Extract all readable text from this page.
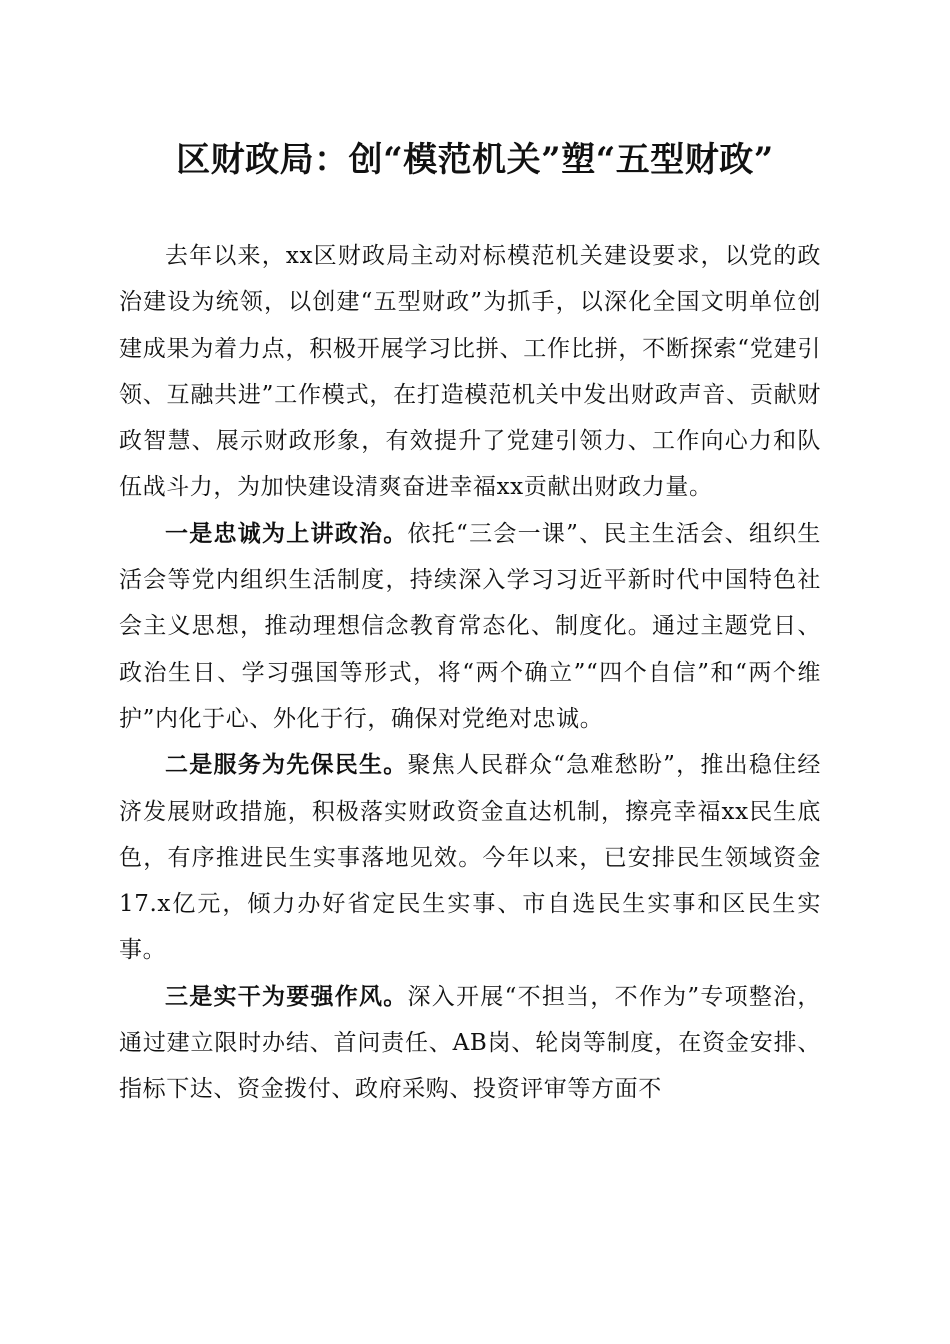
区财政局：创“模范机关”塑“五型财政”

去年以来，xx区财政局主动对标模范机关建设要求，以党的政治建设为统领，以创建“五型财政”为抓手，以深化全国文明单位创建成果为着力点，积极开展学习比拼、工作比拼，不断探索“党建引领、互融共进”工作模式，在打造模范机关中发出财政声音、贡献财政智慧、展示财政形象，有效提升了党建引领力、工作向心力和队伍战斗力，为加快建设清爽奋进幸福xx贡献出财政力量。

一是忠诚为上讲政治。依托“三会一课”、民主生活会、组织生活会等党内组织生活制度，持续深入学习习近平新时代中国特色社会主义思想，推动理想信念教育常态化、制度化。通过主题党日、政治生日、学习强国等形式，将“两个确立”“四个自信”和“两个维护”内化于心、外化于行，确保对党绝对忠诚。

二是服务为先保民生。聚焦人民群众“急难愁盼”，推出稳住经济发展财政措施，积极落实财政资金直达机制，擦亮幸福xx民生底色，有序推进民生实事落地见效。今年以来，已安排民生领域资金17.x亿元，倾力办好省定民生实事、市自选民生实事和区民生实事。

三是实干为要强作风。深入开展“不担当，不作为”专项整治，通过建立限时办结、首问责任、AB岗、轮岗等制度，在资金安排、指标下达、资金拨付、政府采购、投资评审等方面不
